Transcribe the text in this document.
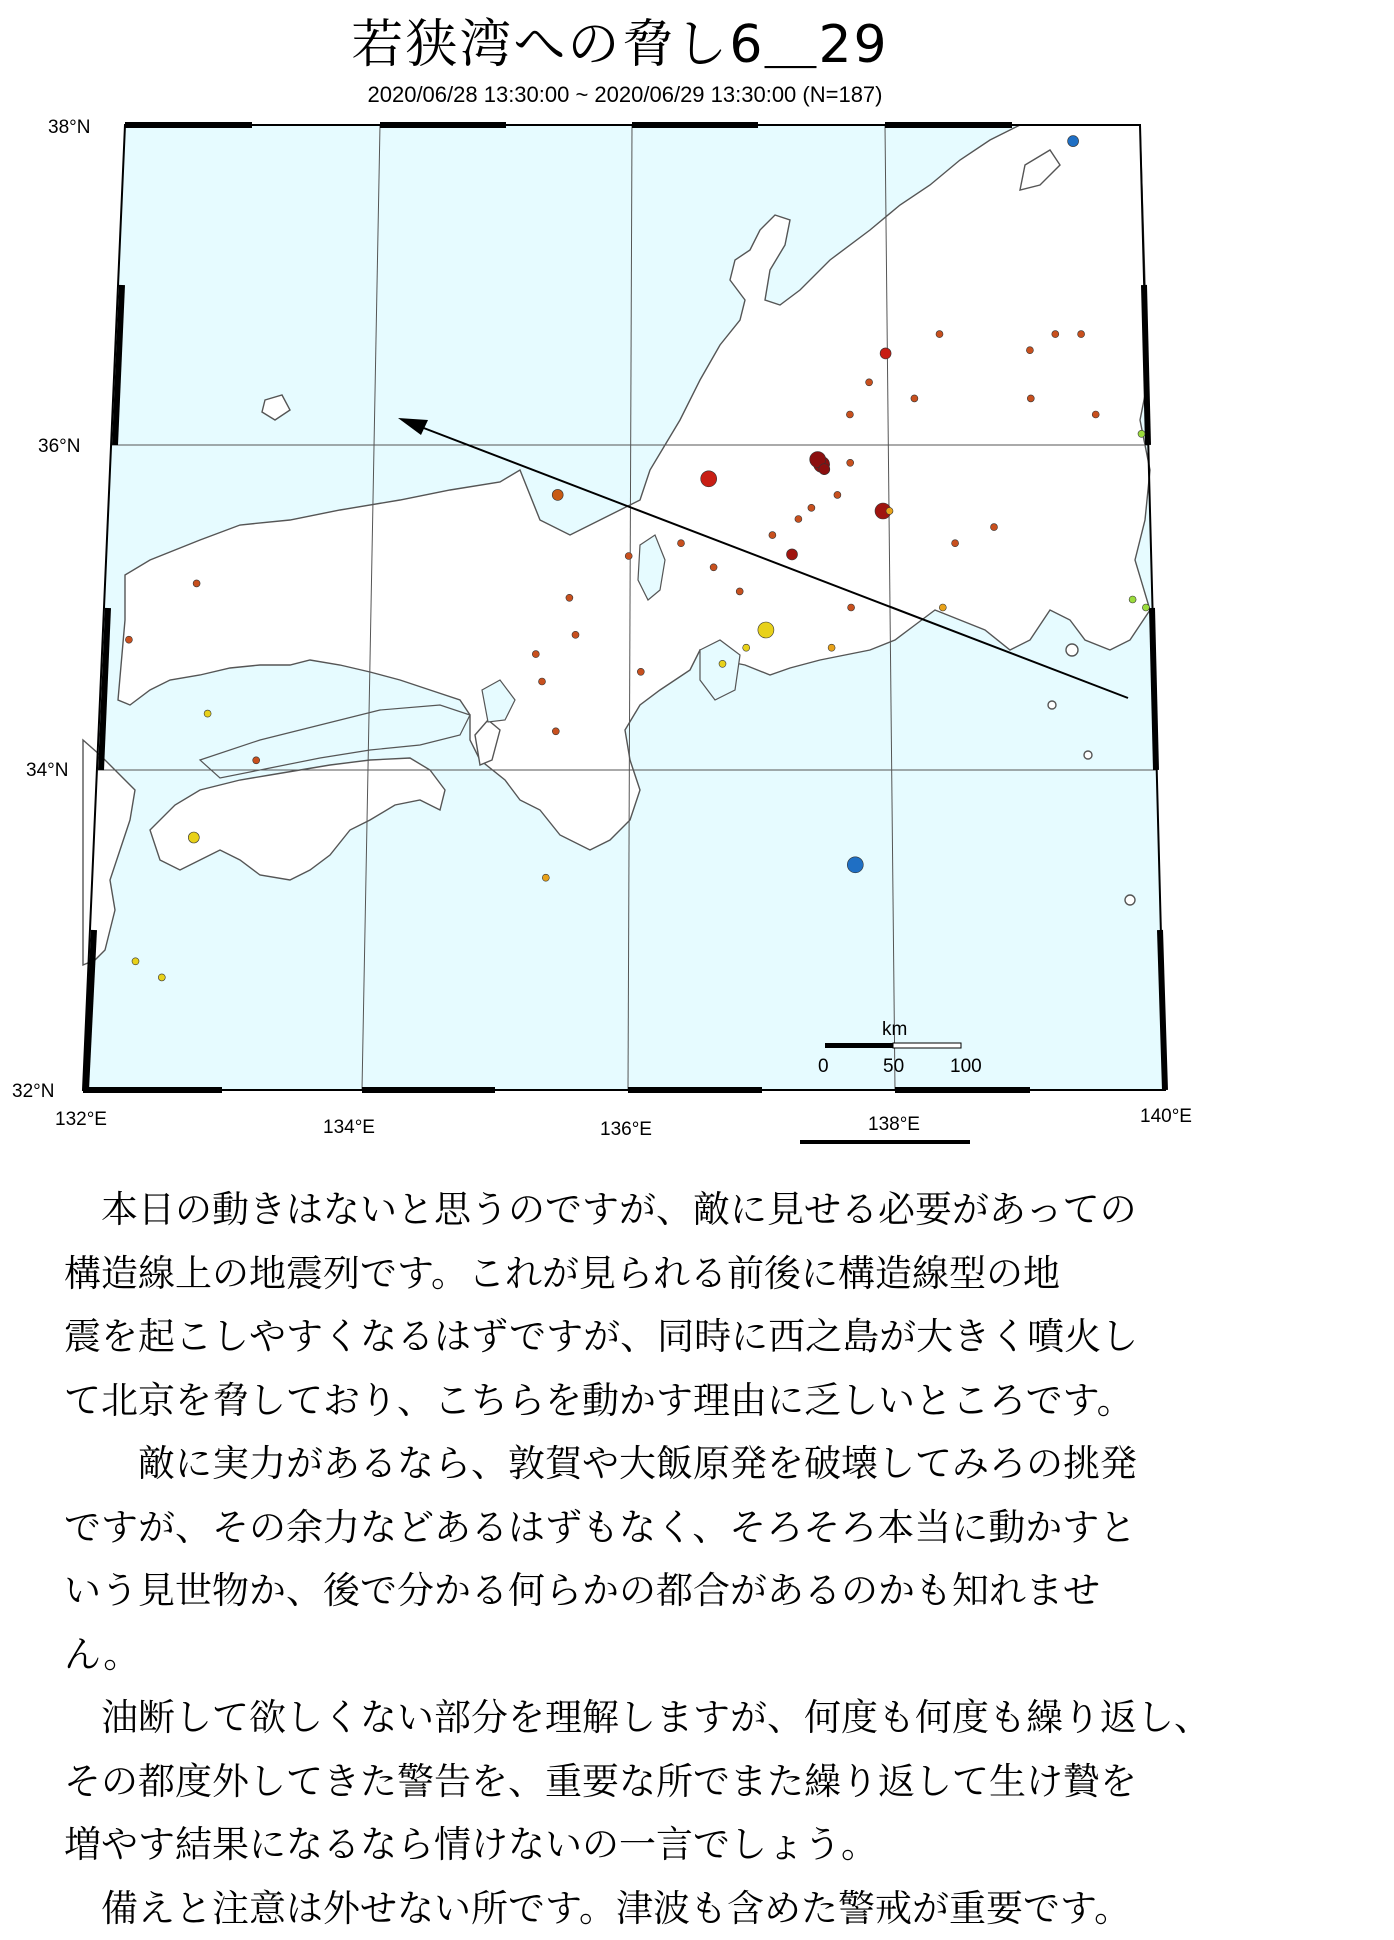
若狭湾への脅し6＿29
2020/06/28 13:30:00 ~ 2020/06/29 13:30:00 (N=187)
38°N
36°N
34°N
32°N
132°E	134°E	136°E	138°E	140°E
km
0	50 100

　本日の動きはないと思うのですが、敵に見せる必要があっての

構造線上の地震列です。これが見られる前後に構造線型の地

震を起こしやすくなるはずですが、同時に西之島が大きく噴火し

て北京を脅しており、こちらを動かす理由に乏しいところです。

　　敵に実力があるなら、敦賀や大飯原発を破壊してみろの挑発

ですが、その余力などあるはずもなく、そろそろ本当に動かすと

いう見世物か、後で分かる何らかの都合があるのかも知れませ

ん。

　油断して欲しくない部分を理解しますが、何度も何度も繰り返し、

その都度外してきた警告を、重要な所でまた繰り返して生け贄を

増やす結果になるなら情けないの一言でしょう。

　備えと注意は外せない所です。津波も含めた警戒が重要です。
